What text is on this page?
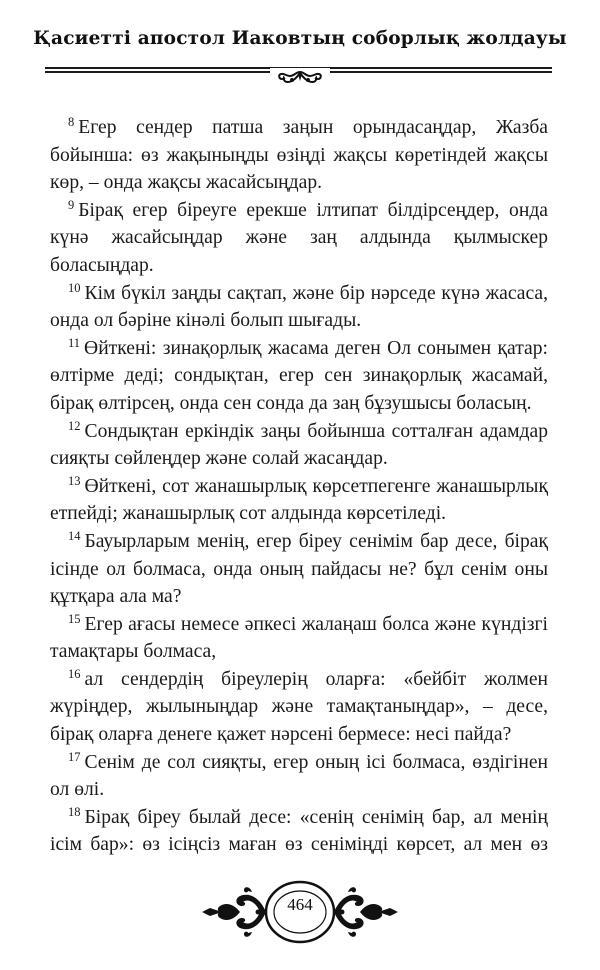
Қасиетті апостол Иаковтың соборлық жолдауы

$^8$ Егер сендер патша заңын орындасаңдар, Жазба бойынша: өз жақыныңды өзіңді жақсы көретіндей жақсы көр, – онда жақсы жасайсыңдар.

$^9$ Бірақ егер біреуге ерекше ілтипат білдірсеңдер, онда күнә жасайсыңдар және заң алдында қылмыскер боласыңдар.

$^{10}$ Кім бүкіл заңды сақтап, және бір нәрседе күнә жасаса, онда ол бәріне кінәлі болып шығады.

$^{11}$ Өйткені: зинақорлық жасама деген Ол сонымен қатар: өлтірме деді; сондықтан, егер сен зинақорлық жасамай, бірақ өлтірсең, онда сен сонда да заң бұзушысы боласың.

$^{12}$ Сондықтан еркіндік заңы бойынша сотталған адамдар сияқты сөйлеңдер және солай жасаңдар.

$^{13}$ Өйткені, сот жанашырлық көрсетпегенге жанашырлық етпейді; жанашырлық сот алдында көрсетіледі.

$^{14}$ Бауырларым менің, егер біреу сенімім бар десе, бірақ ісінде ол болмаса, онда оның пайдасы не? бұл сенім оны құтқара ала ма?

$^{15}$ Егер ағасы немесе әпкесі жалаңаш болса және күндізгі тамақтары болмаса,

$^{16}$ ал сендердің біреулерің оларға: «бейбіт жолмен жүріңдер, жылыныңдар және тамақтаныңдар», – десе, бірақ оларға денеге қажет нәрсені бермесе: несі пайда?

$^{17}$ Сенім де сол сияқты, егер оның ісі болмаса, өздігінен ол өлі.

$^{18}$ Бірақ біреу былай десе: «сенің сенімің бар, ал менің ісім бар»: өз ісіңсіз маған өз сеніміңді көрсет, ал мен өз

464
